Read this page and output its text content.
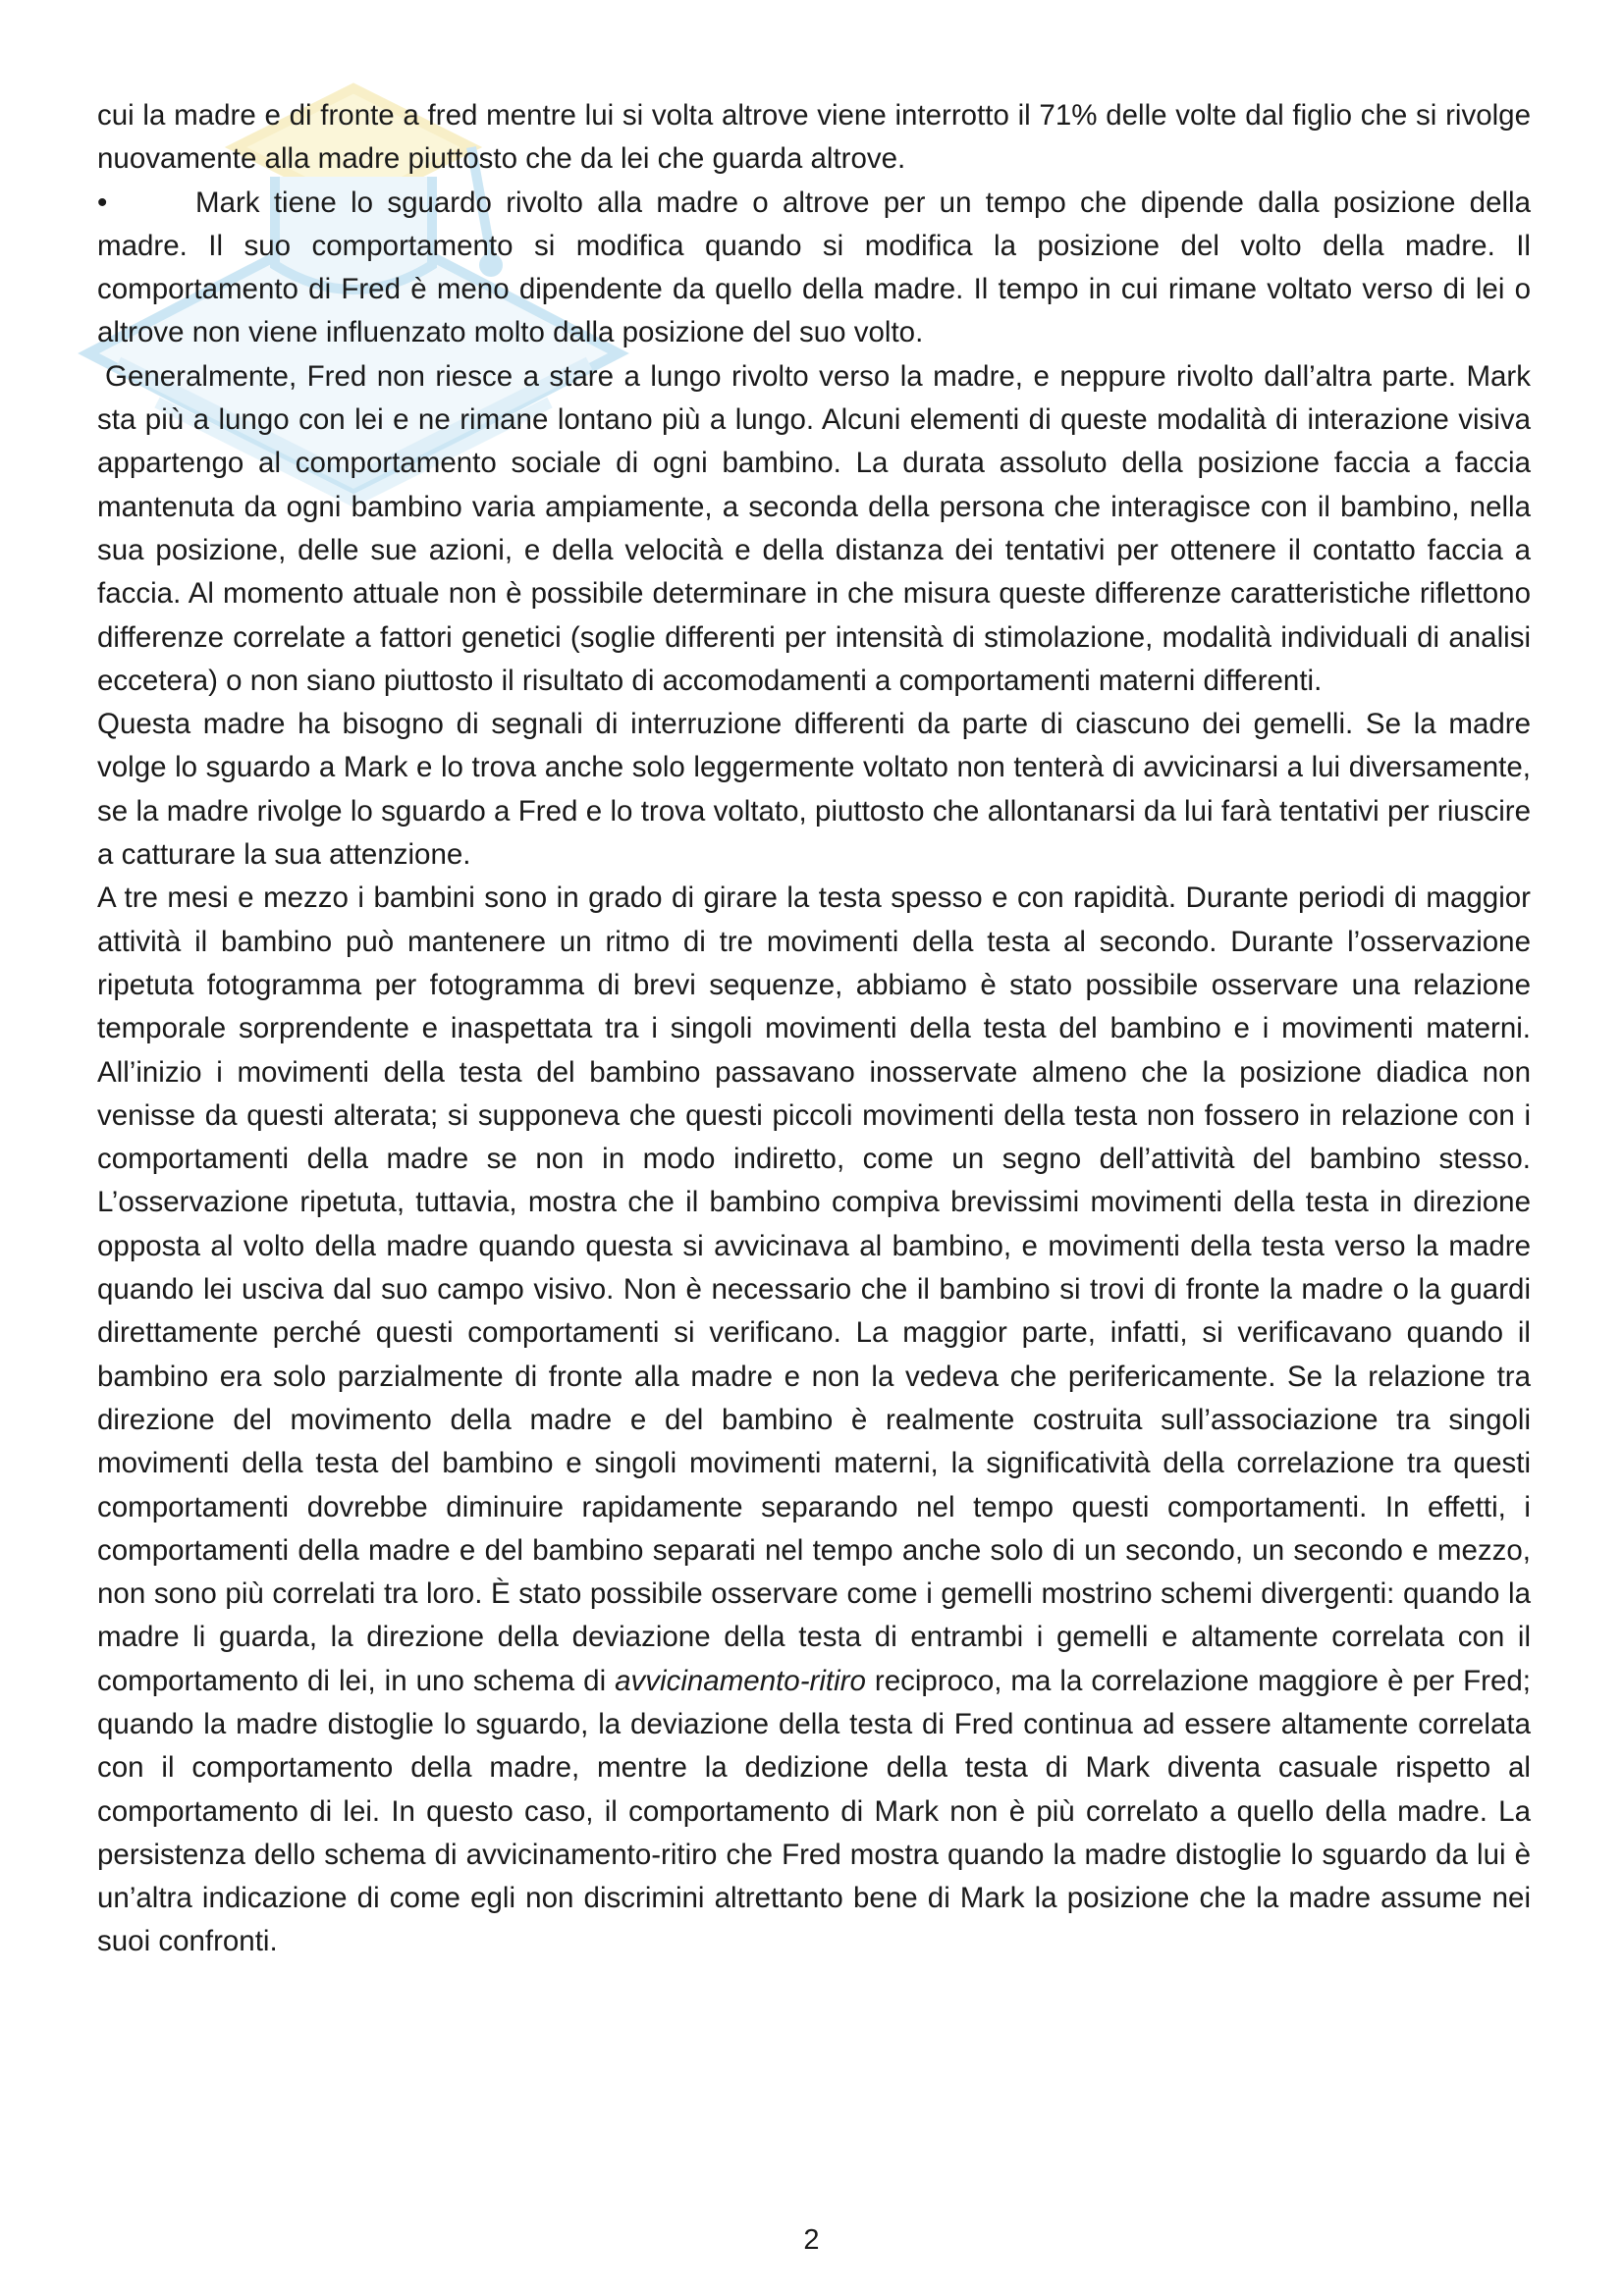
cui la madre e di fronte a fred mentre lui si volta altrove viene interrotto il 71% delle volte dal figlio che si rivolge nuovamente alla madre piuttosto che da lei che guarda altrove.

•	Mark tiene lo sguardo rivolto alla madre o altrove per un tempo che dipende dalla posizione della madre. Il suo comportamento si modifica quando si modifica la posizione del volto della madre. Il comportamento di Fred è meno dipendente da quello della madre. Il tempo in cui rimane voltato verso di lei o altrove non viene influenzato molto dalla posizione del suo volto.

Generalmente, Fred non riesce a stare a lungo rivolto verso la madre, e neppure rivolto dall’altra parte. Mark sta più a lungo con lei e ne rimane lontano più a lungo. Alcuni elementi di queste modalità di interazione visiva appartengo al comportamento sociale di ogni bambino. La durata assoluto della posizione faccia a faccia mantenuta da ogni bambino varia ampiamente, a seconda della persona che interagisce con il bambino, nella sua posizione, delle sue azioni, e della velocità e della distanza dei tentativi per ottenere il contatto faccia a faccia. Al momento attuale non è possibile determinare in che misura queste differenze caratteristiche riflettono differenze correlate a fattori genetici (soglie differenti per intensità di stimolazione, modalità individuali di analisi eccetera) o non siano piuttosto il risultato di accomodamenti a comportamenti materni differenti.

Questa madre ha bisogno di segnali di interruzione differenti da parte di ciascuno dei gemelli. Se la madre volge lo sguardo a Mark e lo trova anche solo leggermente voltato non tenterà di avvicinarsi a lui diversamente, se la madre rivolge lo sguardo a Fred e lo trova voltato, piuttosto che allontanarsi da lui farà tentativi per riuscire a catturare la sua attenzione.

A tre mesi e mezzo i bambini sono in grado di girare la testa spesso e con rapidità. Durante periodi di maggior attività il bambino può mantenere un ritmo di tre movimenti della testa al secondo. Durante l’osservazione ripetuta fotogramma per fotogramma di brevi sequenze, abbiamo è stato possibile osservare una relazione temporale sorprendente e inaspettata tra i singoli movimenti della testa del bambino e i movimenti materni. All’inizio i movimenti della testa del bambino passavano inosservate almeno che la posizione diadica non venisse da questi alterata; si supponeva che questi piccoli movimenti della testa non fossero in relazione con i comportamenti della madre se non in modo indiretto, come un segno dell’attività del bambino stesso. L’osservazione ripetuta, tuttavia, mostra che il bambino compiva brevissimi movimenti della testa in direzione opposta al volto della madre quando questa si avvicinava al bambino, e movimenti della testa verso la madre quando lei usciva dal suo campo visivo. Non è necessario che il bambino si trovi di fronte la madre o la guardi direttamente perché questi comportamenti si verificano. La maggior parte, infatti, si verificavano quando il bambino era solo parzialmente di fronte alla madre e non la vedeva che perifericamente. Se la relazione tra direzione del movimento della madre e del bambino è realmente costruita sull’associazione tra singoli movimenti della testa del bambino e singoli movimenti materni, la significatività della correlazione tra questi comportamenti dovrebbe diminuire rapidamente separando nel tempo questi comportamenti. In effetti, i comportamenti della madre e del bambino separati nel tempo anche solo di un secondo, un secondo e mezzo, non sono più correlati tra loro. È stato possibile osservare come i gemelli mostrino schemi divergenti: quando la madre li guarda, la direzione della deviazione della testa di entrambi i gemelli e altamente correlata con il comportamento di lei, in uno schema di avvicinamento-ritiro reciproco, ma la correlazione maggiore è per Fred; quando la madre distoglie lo sguardo, la deviazione della testa di Fred continua ad essere altamente correlata con il comportamento della madre, mentre la dedizione della testa di Mark diventa casuale rispetto al comportamento di lei. In questo caso, il comportamento di Mark non è più correlato a quello della madre. La persistenza dello schema di avvicinamento-ritiro che Fred mostra quando la madre distoglie lo sguardo da lui è un’altra indicazione di come egli non discrimini altrettanto bene di Mark la posizione che la madre assume nei suoi confronti.

2
